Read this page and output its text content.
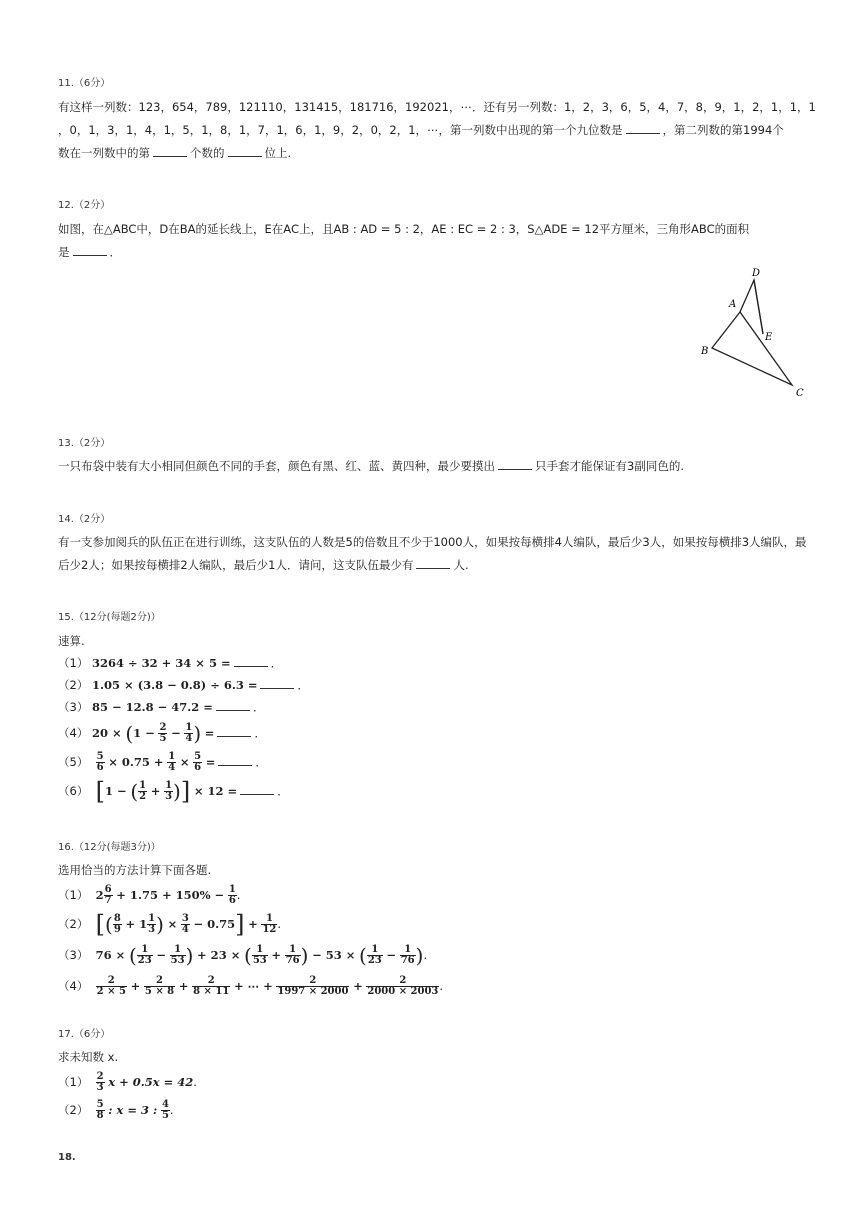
11.（6分）
有这样一列数：123，654，789，121110，131415，181716，192021，⋯．还有另一列数：1，2，3，6，5，4，7，8，9，1，2，1，1，1
，0，1，3，1，4，1，5，1，8，1，7，1，6，1，9，2，0，2，1，⋯，第一列数中出现的第一个九位数是	，第二列数的第1994个
数在一列数中的第	个数的	位上.
12.（2分）
如图，在△ABC中，D在BA的延长线上，E在AC上，且AB : AD = 5 : 2，AE : EC = 2 : 3，S△ADE = 12平方厘米，三角形ABC的面积
是	．
D
A
E
B
C
13.（2分）
一只布袋中装有大小相同但颜色不同的手套，颜色有黑、红、蓝、黄四种，最少要摸出	只手套才能保证有3副同色的.
14.（2分）
有一支参加阅兵的队伍正在进行训练，这支队伍的人数是5的倍数且不少于1000人，如果按每横排4人编队，最后少3人，如果按每横排3人编队，最
后少2人；如果按每横排2人编队，最后少1人．请问，这支队伍最少有	人.
15.（12分(每题2分)）
速算.
（1） 3264 ÷ 32 + 34 × 5 =	．
（2） 1.05 × (3.8 − 0.8) ÷ 6.3 =	．
（3） 85 − 12.8 − 47.2 =	．
（4） $20 \times (1 - \frac{2}{5} - \frac{1}{4}$ ) =	．
$(5) \frac{5}{6} \times 0.75 + \frac{1}{4} \times \frac{5}{6}$ =	．
（6） [1 − ( $\frac{1}{2} + \frac{1}{3}$ )] × 12 =	．
16.（12分(每题3分)）
选用恰当的方法计算下面各题.
（1） $2 \frac{6}{7} + 1.75 + 150\% - \frac{1}{6}$ .
（2） [( $\frac{8}{9} + 1 \frac{1}{3}$ ) × $\frac{3}{4} - 0.75] + \frac{1}{12}$ .
（3） 76 × ( $\frac{1}{23} - \frac{1}{53}$ ) + 23 × ( $\frac{1}{53} + \frac{1}{76}$ ) − 53 × ( $\frac{1}{23} - \frac{1}{76}$ ).
$(4) \frac{2}{2 \times 5} + \frac{2}{5 \times 8} + \frac{2}{8 \times 11}$ + ⋯ + $\frac{2}{1997 \times 2000} + \frac{2}{2000 \times 2003}$ .
17.（6分）
求未知数 x.
$(1) \frac{2}{3}$ x + 0.5x = 42.
$(2) \frac{5}{8}$ : x = 3 : $\frac{4}{5}$ .
18.
